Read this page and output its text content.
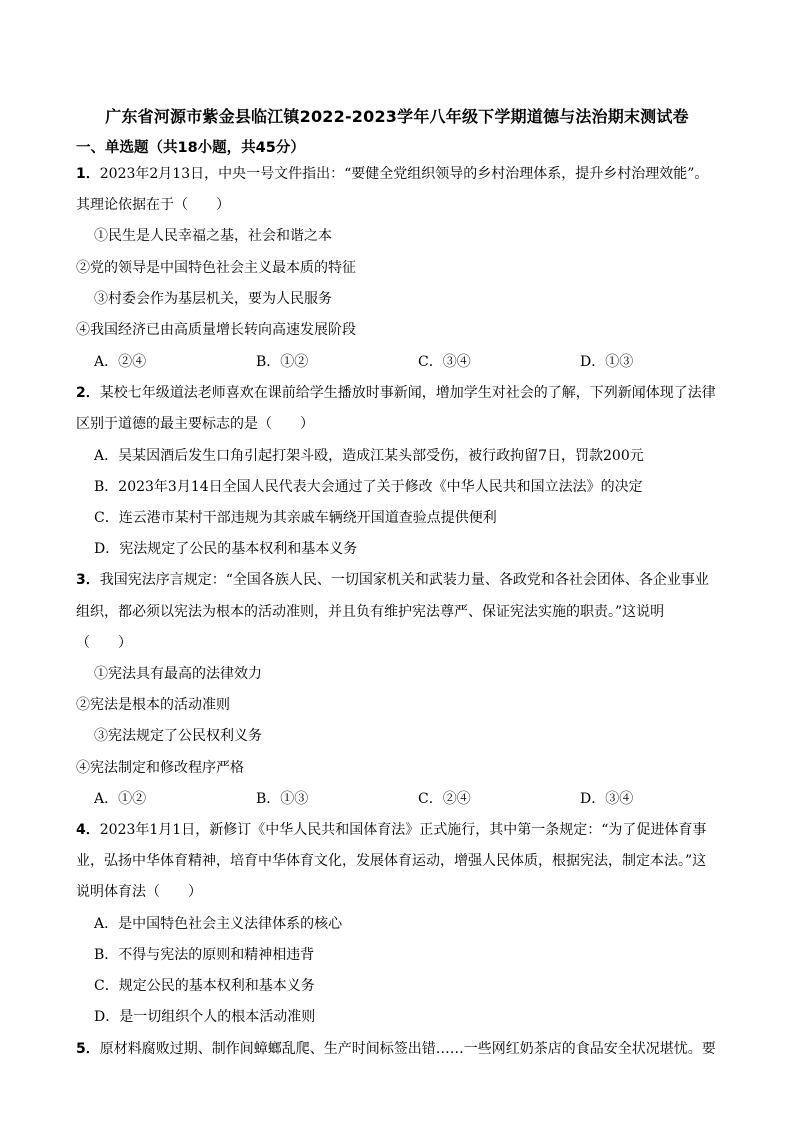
广东省河源市紫金县临江镇2022-2023学年八年级下学期道德与法治期末测试卷
一、单选题（共18小题，共45分）
1．2023年2月13日，中央一号文件指出：“要健全党组织领导的乡村治理体系，提升乡村治理效能”。
其理论依据在于（　　）
①民生是人民幸福之基，社会和谐之本
②党的领导是中国特色社会主义最本质的特征
③村委会作为基层机关，要为人民服务
④我国经济已由高质量增长转向高速发展阶段
A．②④	B．①②	C．③④	D．①③
2．某校七年级道法老师喜欢在课前给学生播放时事新闻，增加学生对社会的了解，下列新闻体现了法律
区别于道德的最主要标志的是（　　）
A．吴某因酒后发生口角引起打架斗殴，造成江某头部受伤，被行政拘留7日，罚款200元
B．2023年3月14日全国人民代表大会通过了关于修改《中华人民共和国立法法》的决定
C．连云港市某村干部违规为其亲戚车辆绕开国道查验点提供便利
D．宪法规定了公民的基本权利和基本义务
3．我国宪法序言规定：“全国各族人民、一切国家机关和武装力量、各政党和各社会团体、各企业事业
组织，都必须以宪法为根本的活动准则，并且负有维护宪法尊严、保证宪法实施的职责。”这说明
（　　）
①宪法具有最高的法律效力
②宪法是根本的活动准则
③宪法规定了公民权利义务
④宪法制定和修改程序严格
A．①②	B．①③	C．②④	D．③④
4．2023年1月1日，新修订《中华人民共和国体育法》正式施行，其中第一条规定：“为了促进体育事
业，弘扬中华体育精神，培育中华体育文化，发展体育运动，增强人民体质，根据宪法，制定本法。”这
说明体育法（　　）
A．是中国特色社会主义法律体系的核心
B．不得与宪法的原则和精神相违背
C．规定公民的基本权利和基本义务
D．是一切组织个人的根本活动准则
5．原材料腐败过期、制作间蟑螂乱爬、生产时间标签出错……一些网红奶茶店的食品安全状况堪忧。要
